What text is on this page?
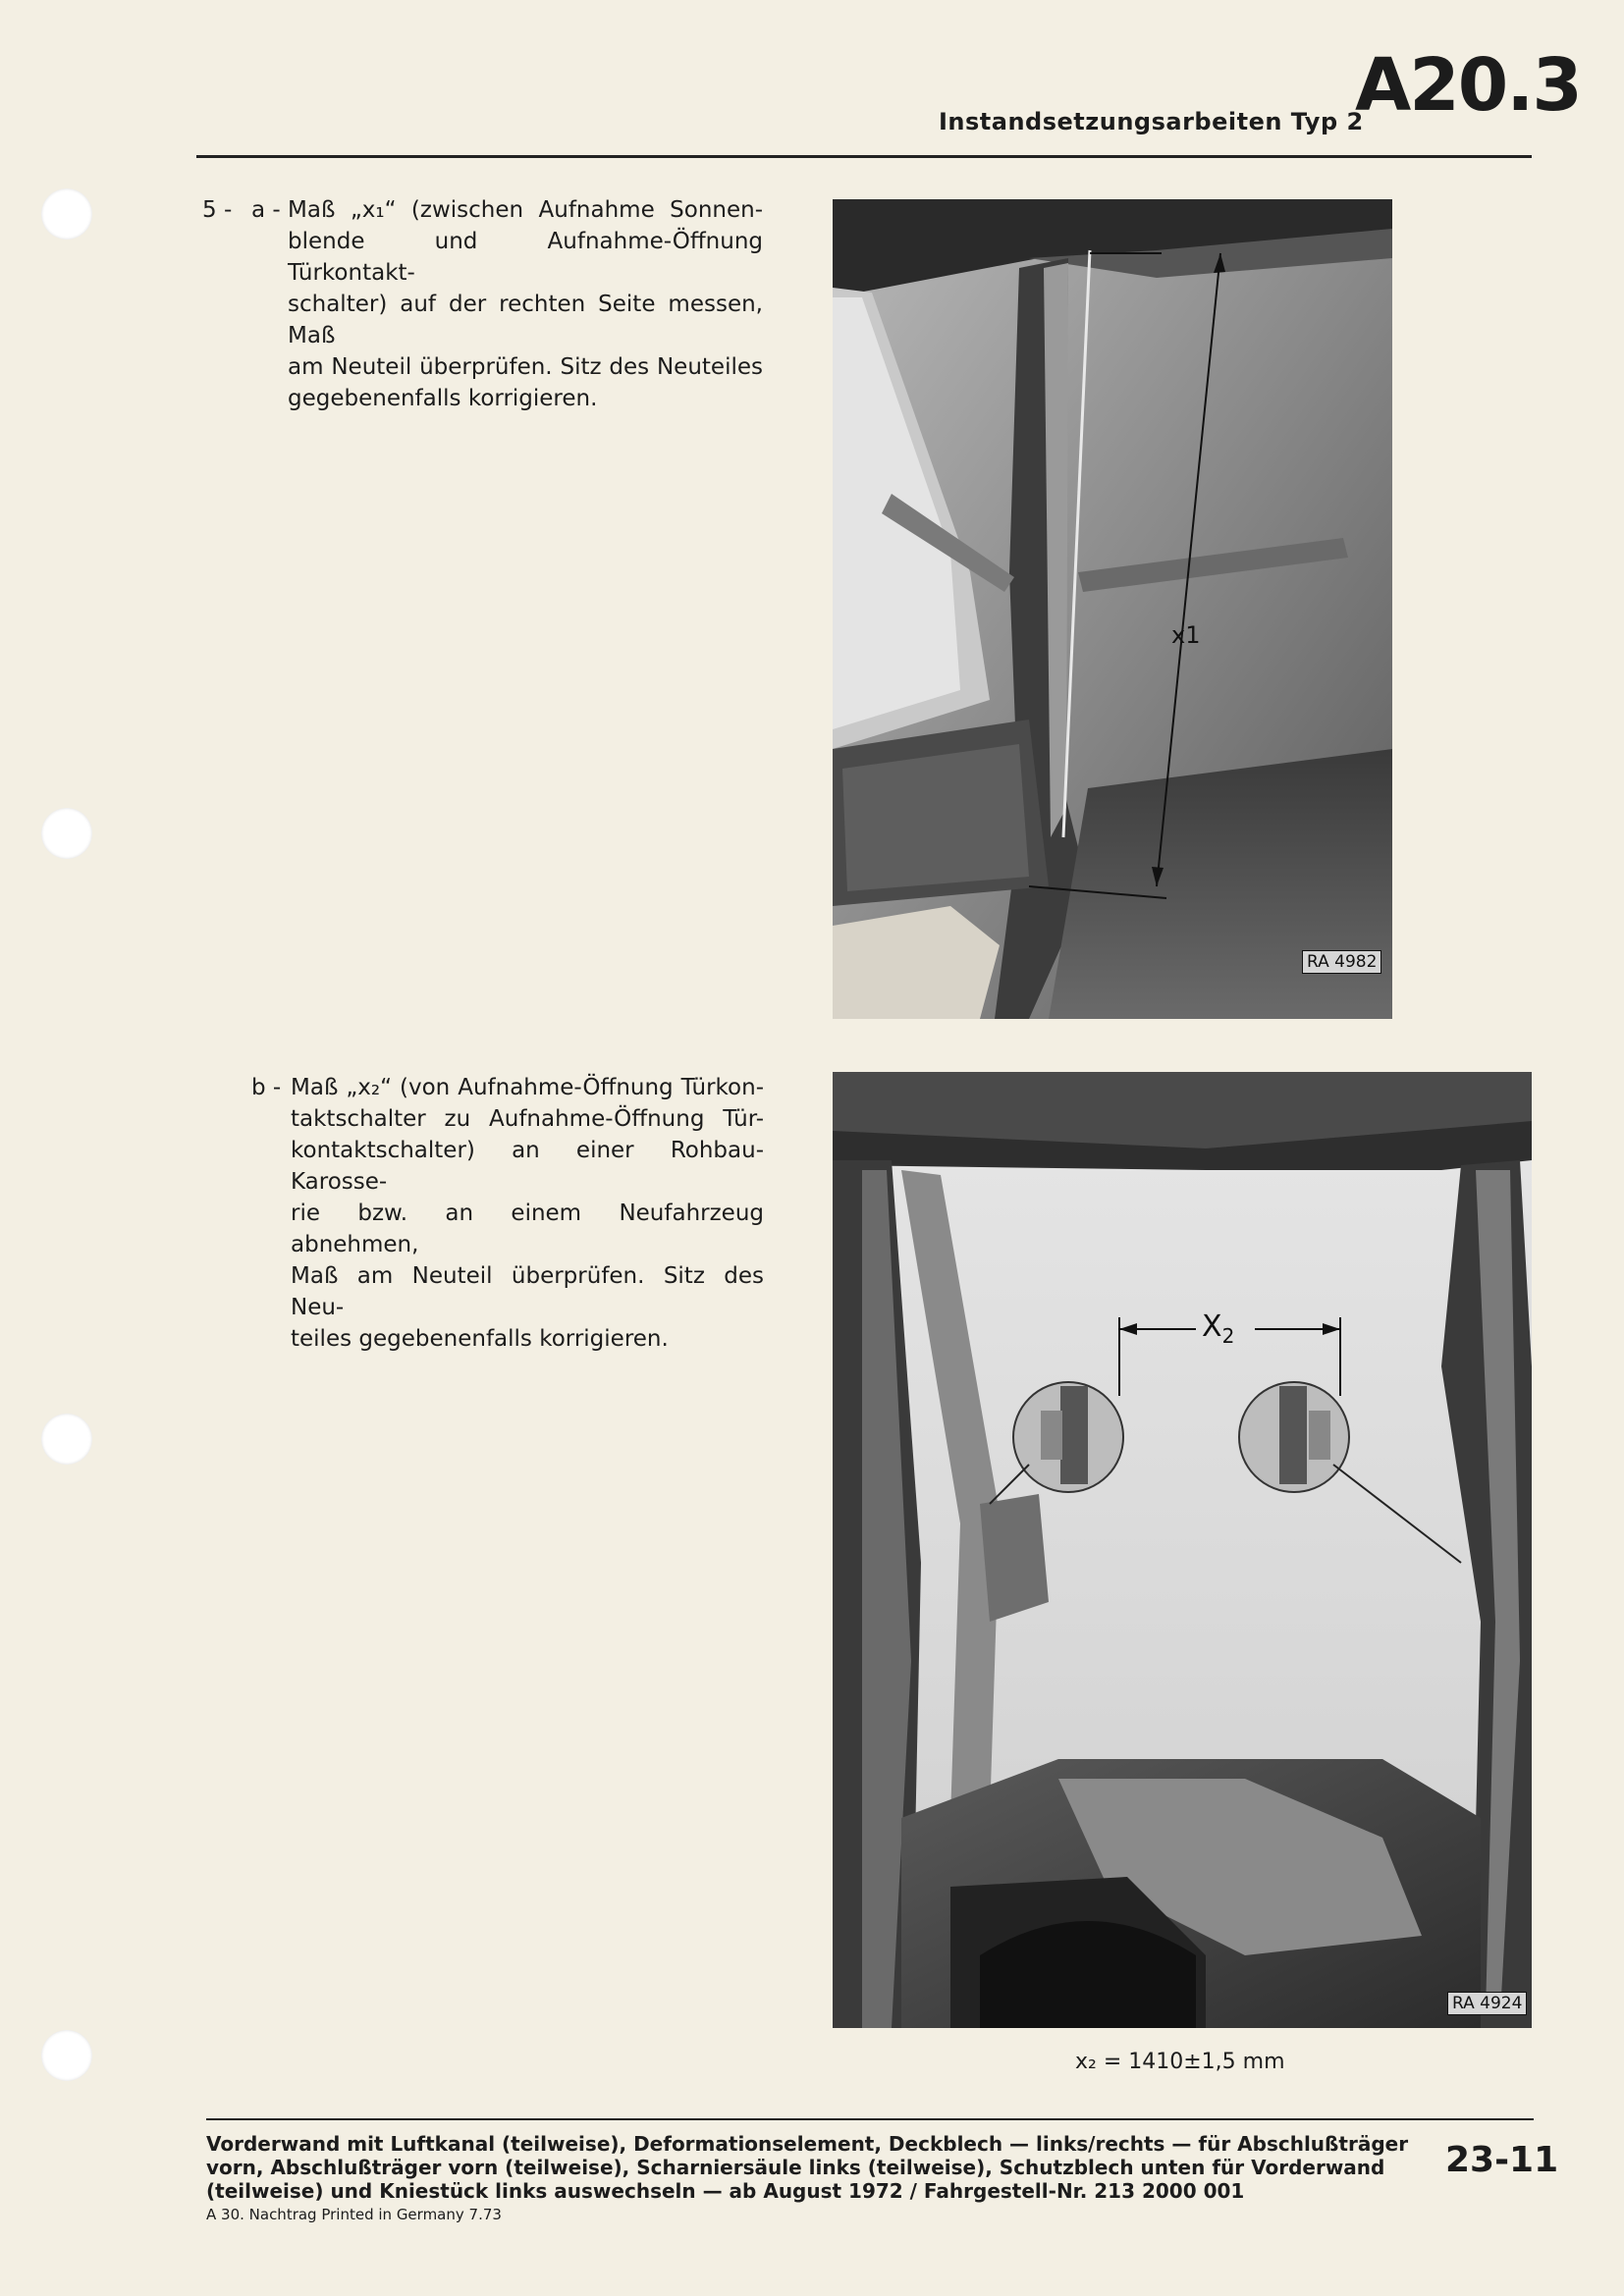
Instandsetzungsarbeiten Typ 2
A20.3
5 - a - Maß „x₁“ (zwischen Aufnahme Sonnen-
blende und Aufnahme-Öffnung Türkontakt-
schalter) auf der rechten Seite messen, Maß
am Neuteil überprüfen. Sitz des Neuteiles
gegebenenfalls korrigieren.
x1
RA 4982
b - Maß „x₂“ (von Aufnahme-Öffnung Türkon-
taktschalter zu Aufnahme-Öffnung Tür-
kontaktschalter) an einer Rohbau-Karosse-
rie bzw. an einem Neufahrzeug abnehmen,
Maß am Neuteil überprüfen. Sitz des Neu-
teiles gegebenenfalls korrigieren.	$X_2$
RA 4924
x₂ = 1410±1,5 mm
Vorderwand mit Luftkanal (teilweise), Deformationselement, Deckblech — links/rechts — für Abschlußträger
vorn, Abschlußträger vorn (teilweise), Scharniersäule links (teilweise), Schutzblech unten für Vorderwand
(teilweise) und Kniestück links auswechseln — ab August 1972 / Fahrgestell-Nr. 213 2000 001
A 30. Nachtrag Printed in Germany 7.73
23-11
